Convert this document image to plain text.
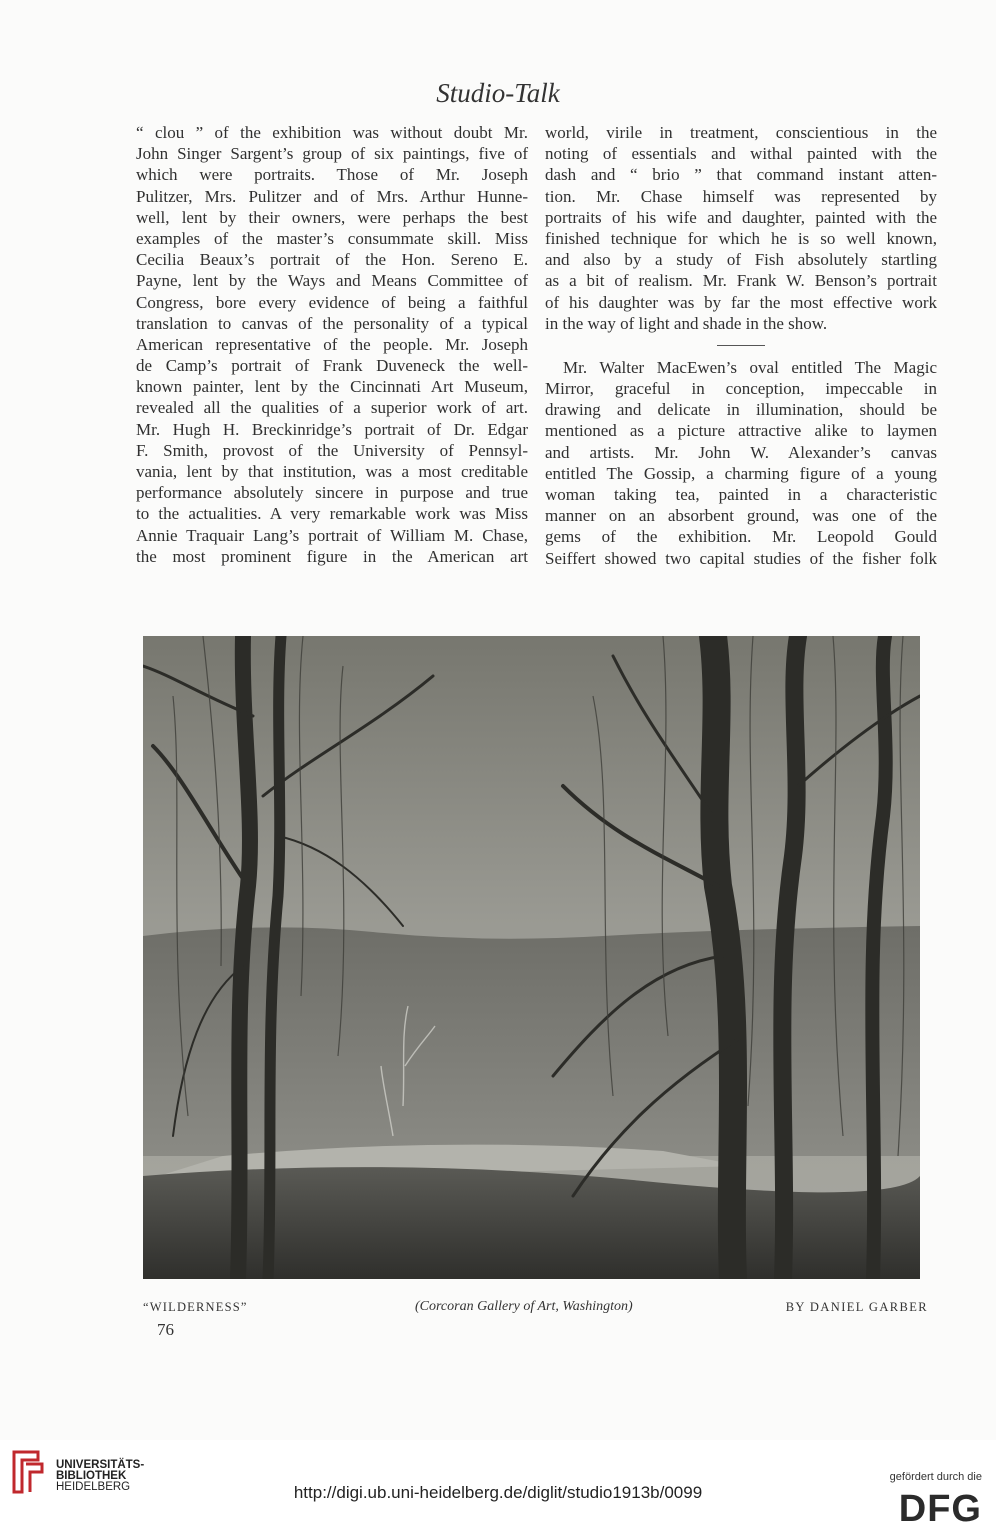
Studio-Talk
“ clou ” of the exhibition was without doubt Mr.
John Singer Sargent’s group of six paintings, five of
which were portraits. Those of Mr. Joseph
Pulitzer, Mrs. Pulitzer and of Mrs. Arthur Hunne-
well, lent by their owners, were perhaps the best
examples of the master’s consummate skill. Miss
Cecilia Beaux’s portrait of the Hon. Sereno E.
Payne, lent by the Ways and Means Committee of
Congress, bore every evidence of being a faithful
translation to canvas of the personality of a typical
American representative of the people. Mr. Joseph
de Camp’s portrait of Frank Duveneck the well-
known painter, lent by the Cincinnati Art Museum,
revealed all the qualities of a superior work of art.
Mr. Hugh H. Breckinridge’s portrait of Dr. Edgar
F. Smith, provost of the University of Pennsyl-
vania, lent by that institution, was a most creditable
performance absolutely sincere in purpose and true
to the actualities. A very remarkable work was Miss
Annie Traquair Lang’s portrait of William M. Chase,
the most prominent figure in the American art
world, virile in treatment, conscientious in the
noting of essentials and withal painted with the
dash and “ brio ” that command instant atten-
tion. Mr. Chase himself was represented by
portraits of his wife and daughter, painted with the
finished technique for which he is so well known,
and also by a study of Fish absolutely startling
as a bit of realism. Mr. Frank W. Benson’s portrait
of his daughter was by far the most effective work
in the way of light and shade in the show.
Mr. Walter MacEwen’s oval entitled The Magic
Mirror, graceful in conception, impeccable in
drawing and delicate in illumination, should be
mentioned as a picture attractive alike to laymen
and artists. Mr. John W. Alexander’s canvas
entitled The Gossip, a charming figure of a young
woman taking tea, painted in a characteristic
manner on an absorbent ground, was one of the
gems of the exhibition. Mr. Leopold Gould
Seiffert showed two capital studies of the fisher folk
“WILDERNESS”	(Corcoran Gallery of Art, Washington)	BY DANIEL GARBER
76
UNIVERSITÄTS-
BIBLIOTHEK
HEIDELBERG	http://digi.ub.uni-heidelberg.de/diglit/studio1913b/0099
gefördert durch die
DFG
